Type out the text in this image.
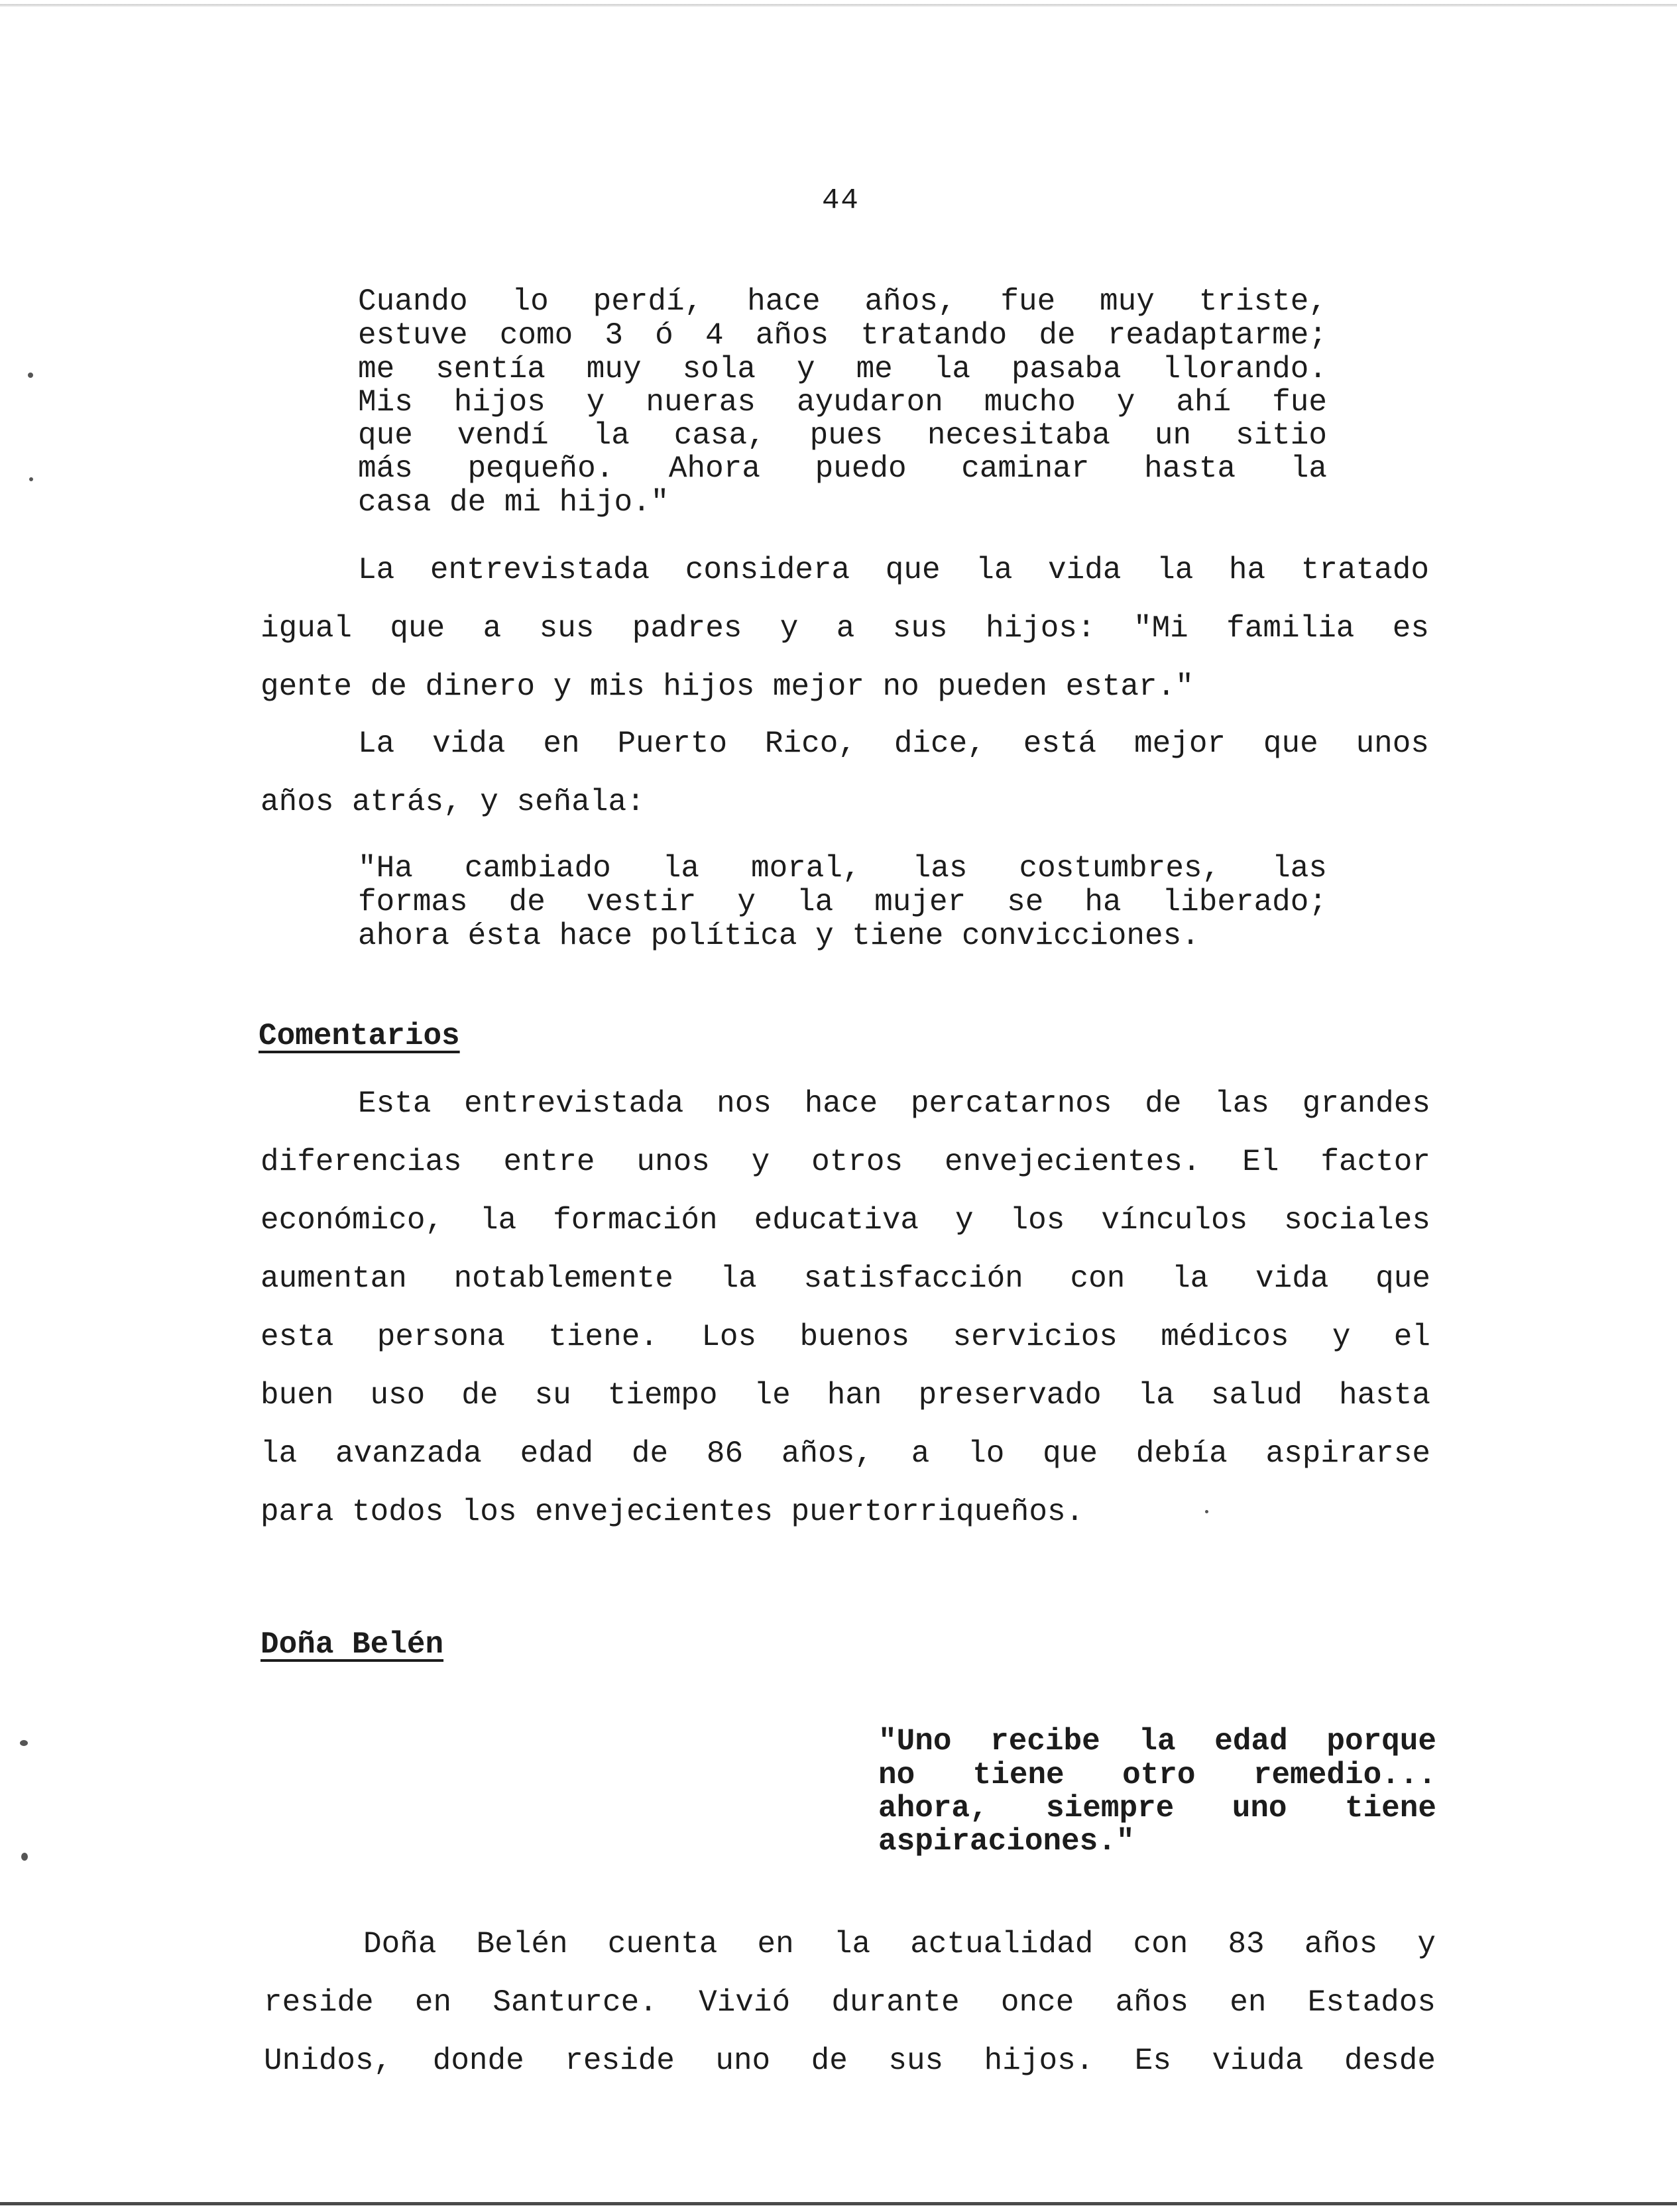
44
Cuando lo perdí, hace años, fue muy triste,
estuve como 3 ó 4 años tratando de readaptarme;
me sentía muy sola y me la pasaba llorando.
Mis hijos y nueras ayudaron mucho y ahí fue
que vendí la casa, pues necesitaba un sitio
más pequeño. Ahora puedo caminar hasta la
casa de mi hijo."
La entrevistada considera que la vida la ha tratado
igual que a sus padres y a sus hijos: "Mi familia es
gente de dinero y mis hijos mejor no pueden estar."
La vida en Puerto Rico, dice, está mejor que unos
años atrás, y señala:
"Ha cambiado la moral, las costumbres, las
formas de vestir y la mujer se ha liberado;
ahora ésta hace política y tiene convicciones.
Comentarios
Esta entrevistada nos hace percatarnos de las grandes
diferencias entre unos y otros envejecientes. El factor
económico, la formación educativa y los vínculos sociales
aumentan notablemente la satisfacción con la vida que
esta persona tiene. Los buenos servicios médicos y el
buen uso de su tiempo le han preservado la salud hasta
la avanzada edad de 86 años, a lo que debía aspirarse
para todos los envejecientes puertorriqueños.
Doña Belén
"Uno recibe la edad porque
no tiene otro remedio...
ahora, siempre uno tiene
aspiraciones."
Doña Belén cuenta en la actualidad con 83 años y
reside en Santurce. Vivió durante once años en Estados
Unidos, donde reside uno de sus hijos. Es viuda desde
